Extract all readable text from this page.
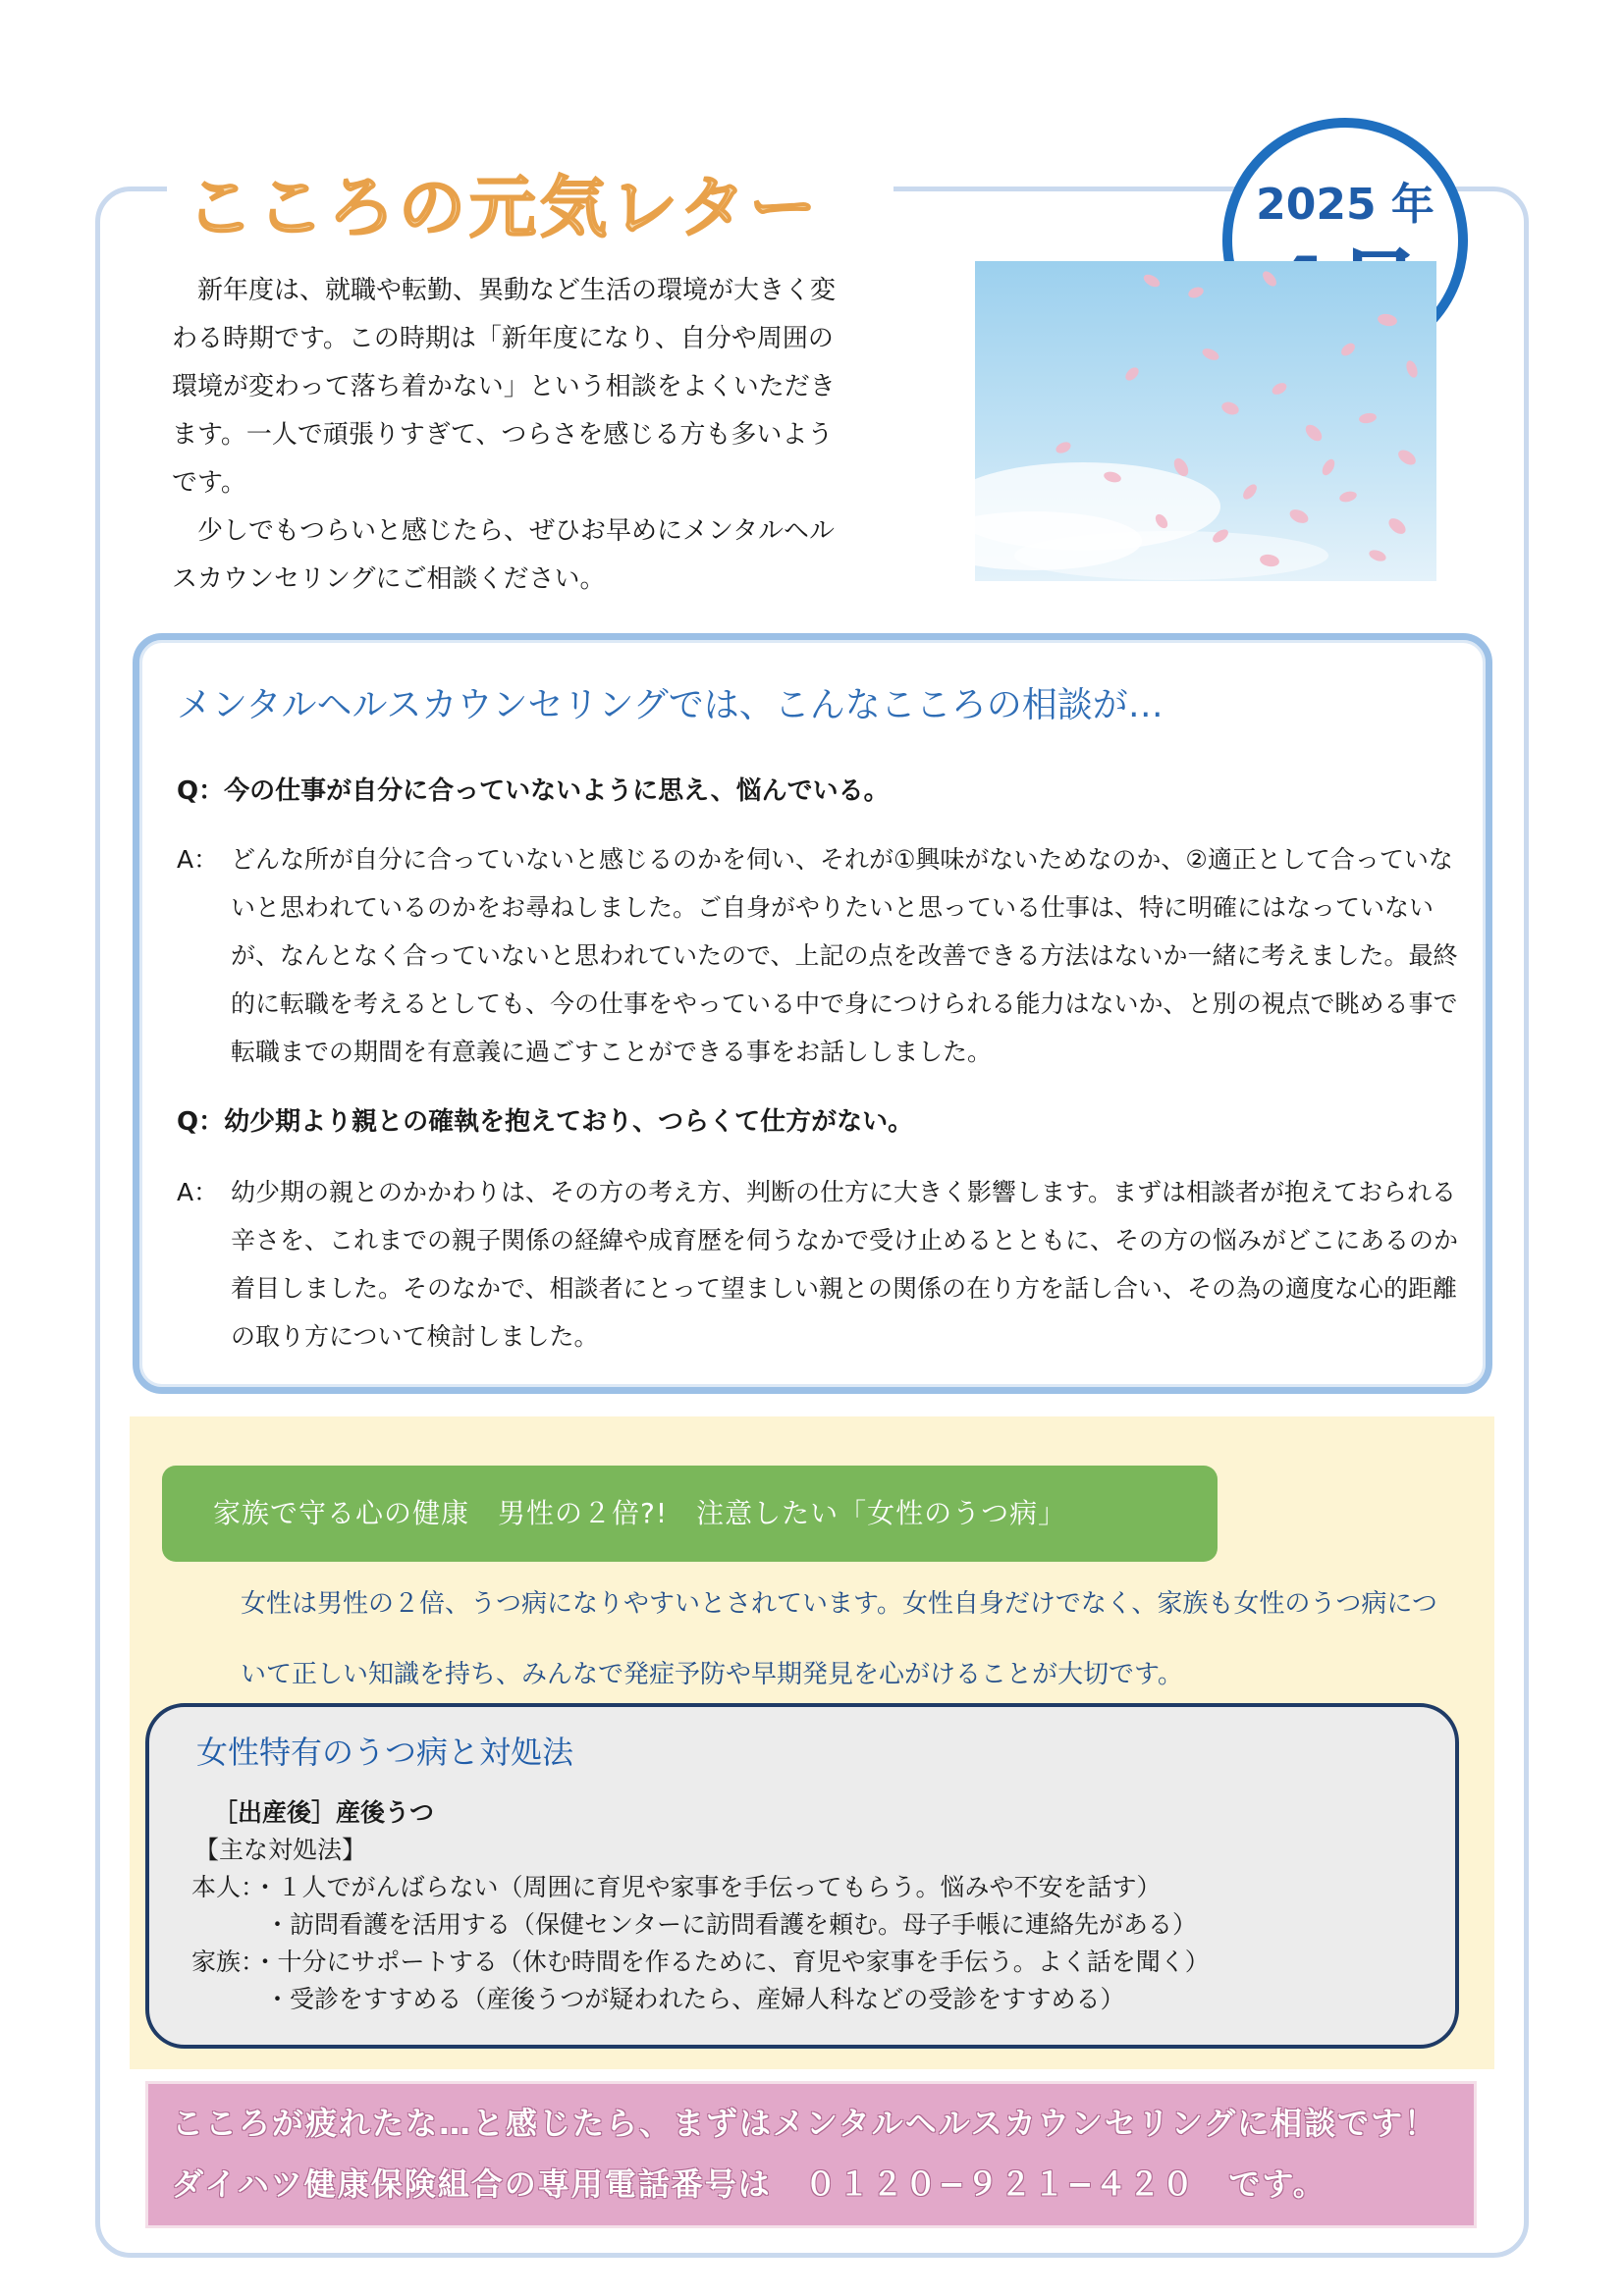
こころの元気レター	2025 年

新年度は、就職や転勤、異動など生活の環境が大きく変わる時期です。この時期は「新年度になり、自分や周囲の環境が変わって落ち着かない」という相談をよくいただきます。一人で頑張りすぎて、つらさを感じる方も多いようです。

少しでもつらいと感じたら、ぜひお早めにメンタルヘルスカウンセリングにご相談ください。

メンタルヘルスカウンセリングでは、こんなこころの相談が…

Q：今の仕事が自分に合っていないように思え、悩んでいる。

A： どんな所が自分に合っていないと感じるのかを伺い、それが①興味がないためなのか、②適正として合っていないと思われているのかをお尋ねしました。ご自身がやりたいと思っている仕事は、特に明確にはなっていないが、なんとなく合っていないと思われていたので、上記の点を改善できる方法はないか一緒に考えました。最終的に転職を考えるとしても、今の仕事をやっている中で身につけられる能力はないか、と別の視点で眺める事で転職までの期間を有意義に過ごすことができる事をお話ししました。

Q：幼少期より親との確執を抱えており、つらくて仕方がない。

A： 幼少期の親とのかかわりは、その方の考え方、判断の仕方に大きく影響します。まずは相談者が抱えておられる辛さを、これまでの親子関係の経緯や成育歴を伺うなかで受け止めるとともに、その方の悩みがどこにあるのか着目しました。そのなかで、相談者にとって望ましい親との関係の在り方を話し合い、その為の適度な心的距離の取り方について検討しました。
家族で守る心の健康　男性の２倍?!　注意したい「女性のうつ病」

女性は男性の２倍、うつ病になりやすいとされています。女性自身だけでなく、家族も女性のうつ病について正しい知識を持ち、みんなで発症予防や早期発見を心がけることが大切です。

女性特有のうつ病と対処法
［出産後］産後うつ
【主な対処法】
本人：・１人でがんばらない（周囲に育児や家事を手伝ってもらう。悩みや不安を話す）
　　　・訪問看護を活用する（保健センターに訪問看護を頼む。母子手帳に連絡先がある）
家族：・十分にサポートする（休む時間を作るために、育児や家事を手伝う。よく話を聞く）
　　　・受診をすすめる（産後うつが疑われたら、産婦人科などの受診をすすめる）

こころが疲れたな…と感じたら、まずはメンタルヘルスカウンセリングに相談です！

ダイハツ健康保険組合の専用電話番号は　０１２０−９２１−４２０　です。
